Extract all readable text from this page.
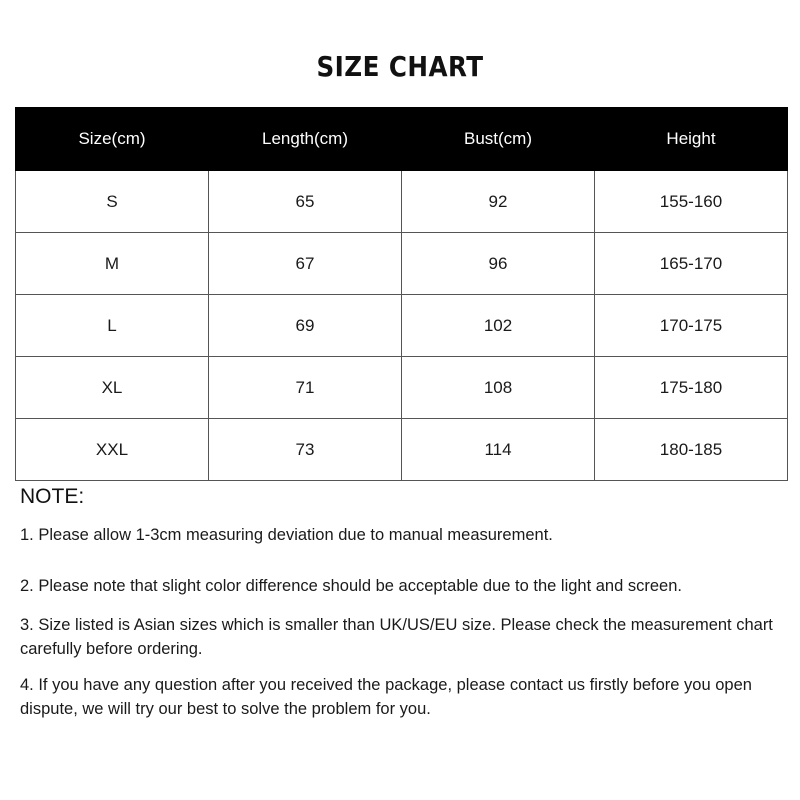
SIZE CHART
Size(cm)	Length(cm)	Bust(cm)	Height
S	65	92	155-160
M	67	96	165-170
L	69	102	170-175
XL	71	108	175-180
XXL	73	114	180-185

NOTE:

1. Please allow 1-3cm measuring deviation due to manual measurement.

2. Please note that slight color difference should be acceptable due to the light and screen.

3. Size listed is Asian sizes which is smaller than UK/US/EU size. Please check the measurement chart carefully before ordering.

4. If you have any question after you received the package, please contact us firstly before you open dispute, we will try our best to solve the problem for you.
